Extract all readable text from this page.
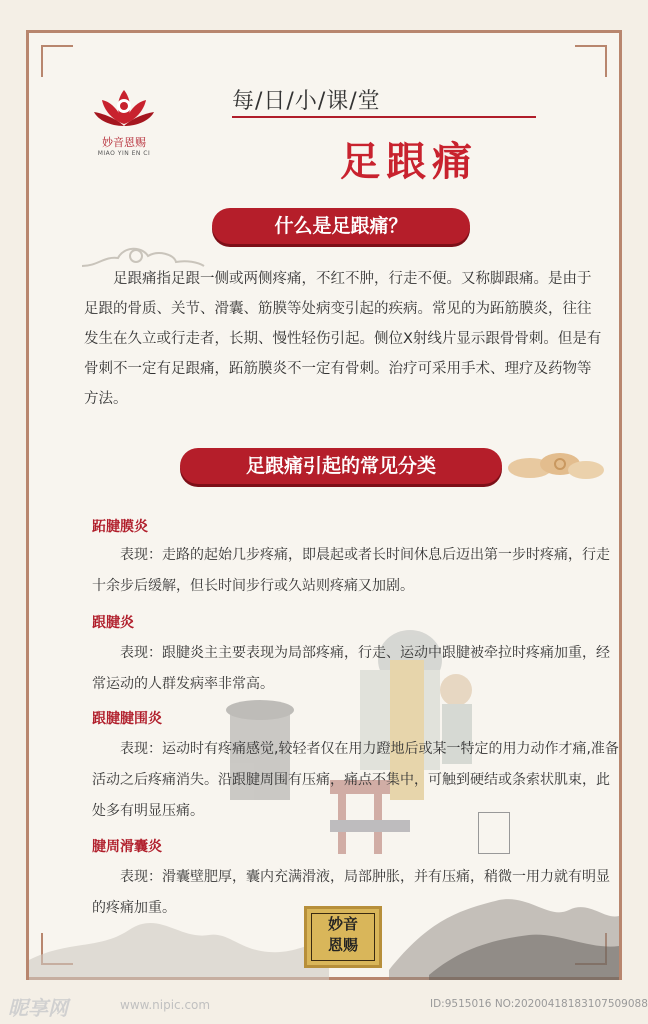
妙音恩赐
MIAO YIN EN CI
每/日/小/课/堂
足跟痛
什么是足跟痛？

足跟痛指足跟一侧或两侧疼痛，不红不肿，行走不便。又称脚跟痛。是由于足跟的骨质、关节、滑囊、筋膜等处病变引起的疾病。常见的为跖筋膜炎，往往发生在久立或行走者，长期、慢性轻伤引起。侧位X射线片显示跟骨骨刺。但是有骨刺不一定有足跟痛，跖筋膜炎不一定有骨刺。治疗可采用手术、理疗及药物等方法。

足跟痛引起的常见分类
跖腱膜炎

表现：走路的起始几步疼痛，即晨起或者长时间休息后迈出第一步时疼痛，行走十余步后缓解，但长时间步行或久站则疼痛又加剧。

跟腱炎

表现：跟腱炎主主要表现为局部疼痛，行走、运动中跟腱被牵拉时疼痛加重，经常运动的人群发病率非常高。

跟腱腱围炎

表现：运动时有疼痛感觉,较轻者仅在用力蹬地后或某一特定的用力动作才痛,准备活动之后疼痛消失。沿跟腱周围有压痛，痛点不集中，可触到硬结或条索状肌束，此处多有明显压痛。

腱周滑囊炎

表现：滑囊壁肥厚，囊内充满滑液，局部肿胀，并有压痛，稍微一用力就有明显的疼痛加重。

妙音
恩赐
昵享网	www.nipic.com	ID:9515016 NO:20200418183107509088
